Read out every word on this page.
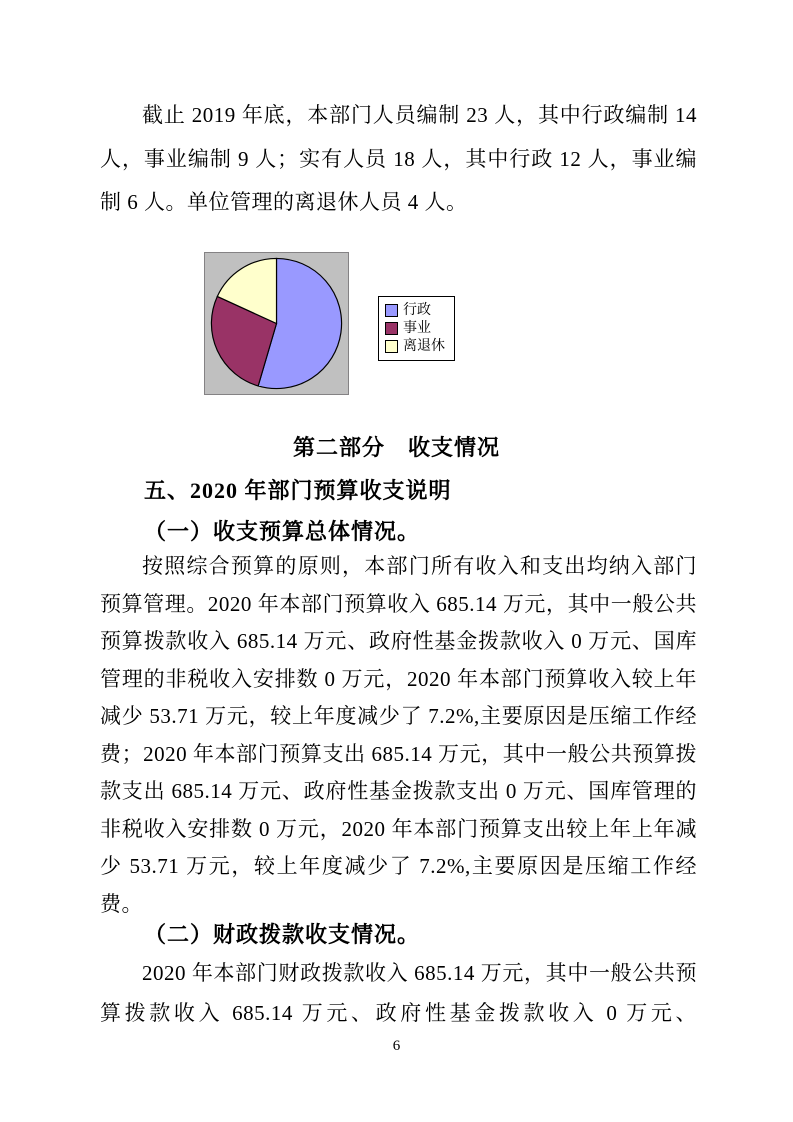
截止 2019 年底，本部门人员编制 23 人，其中行政编制 14 人，事业编制 9 人；实有人员 18 人，其中行政 12 人，事业编制 6 人。单位管理的离退休人员 4 人。

行政
事业
离退休
第二部分　收支情况
五、2020 年部门预算收支说明
（一）收支预算总体情况。

按照综合预算的原则，本部门所有收入和支出均纳入部门预算管理。2020 年本部门预算收入 685.14 万元，其中一般公共预算拨款收入 685.14 万元、政府性基金拨款收入 0 万元、国库管理的非税收入安排数 0 万元，2020 年本部门预算收入较上年减少 53.71 万元，较上年度减少了 7.2%,主要原因是压缩工作经费；2020 年本部门预算支出 685.14 万元，其中一般公共预算拨款支出 685.14 万元、政府性基金拨款支出 0 万元、国库管理的非税收入安排数 0 万元，2020 年本部门预算支出较上年上年减少 53.71 万元，较上年度减少了 7.2%,主要原因是压缩工作经费。

（二）财政拨款收支情况。

2020 年本部门财政拨款收入 685.14 万元，其中一般公共预算拨款收入 685.14 万元、政府性基金拨款收入 0 万元、

6
